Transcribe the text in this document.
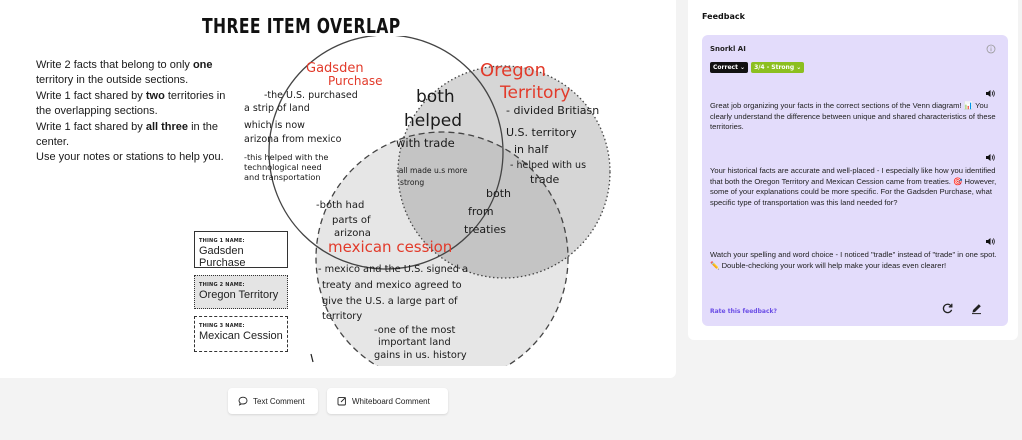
THREE ITEM OVERLAP

Write 2 facts that belong to only one territory in the outside sections.

Write 1 fact shared by two territories in the overlapping sections.

Write 1 fact shared by all three in the center.

Use your notes or stations to help you.

Gadsden
Purchase	Oregon
Territory
mexican cession
-the U.S. purchased
a strip of land
which is now
arizona from mexico
-this helped with the
technological need
and transportation
- divided Britiasn
U.S. territory
in half
- helped with us
trade
both
helped
with trade
-all made u.s more
strong
both
from
treaties
-both had
parts of
arizona
- mexico and the U.S. signed a
treaty and mexico agreed to
give the U.S. a large part of
territory
-one of the most
important land
gains in us. history
THING 1 NAME:
Gadsden Purchase
THING 2 NAME:
Oregon Territory
THING 3 NAME:
Mexican Cession
Text Comment	Whiteboard Comment
Feedback
Snorkl AI
Correct ⌄	3/4 - Strong ⌄
Great job organizing your facts in the correct sections of the Venn diagram! 📊 You clearly understand the difference between unique and shared characteristics of these territories.
Your historical facts are accurate and well-placed - I especially like how you identified that both the Oregon Territory and Mexican Cession came from treaties. 🎯 However, some of your explanations could be more specific. For the Gadsden Purchase, what specific type of transportation was this land needed for?
Watch your spelling and word choice - I noticed "tradle" instead of "trade" in one spot. ✏️ Double-checking your work will help make your ideas even clearer!
Rate this feedback?
